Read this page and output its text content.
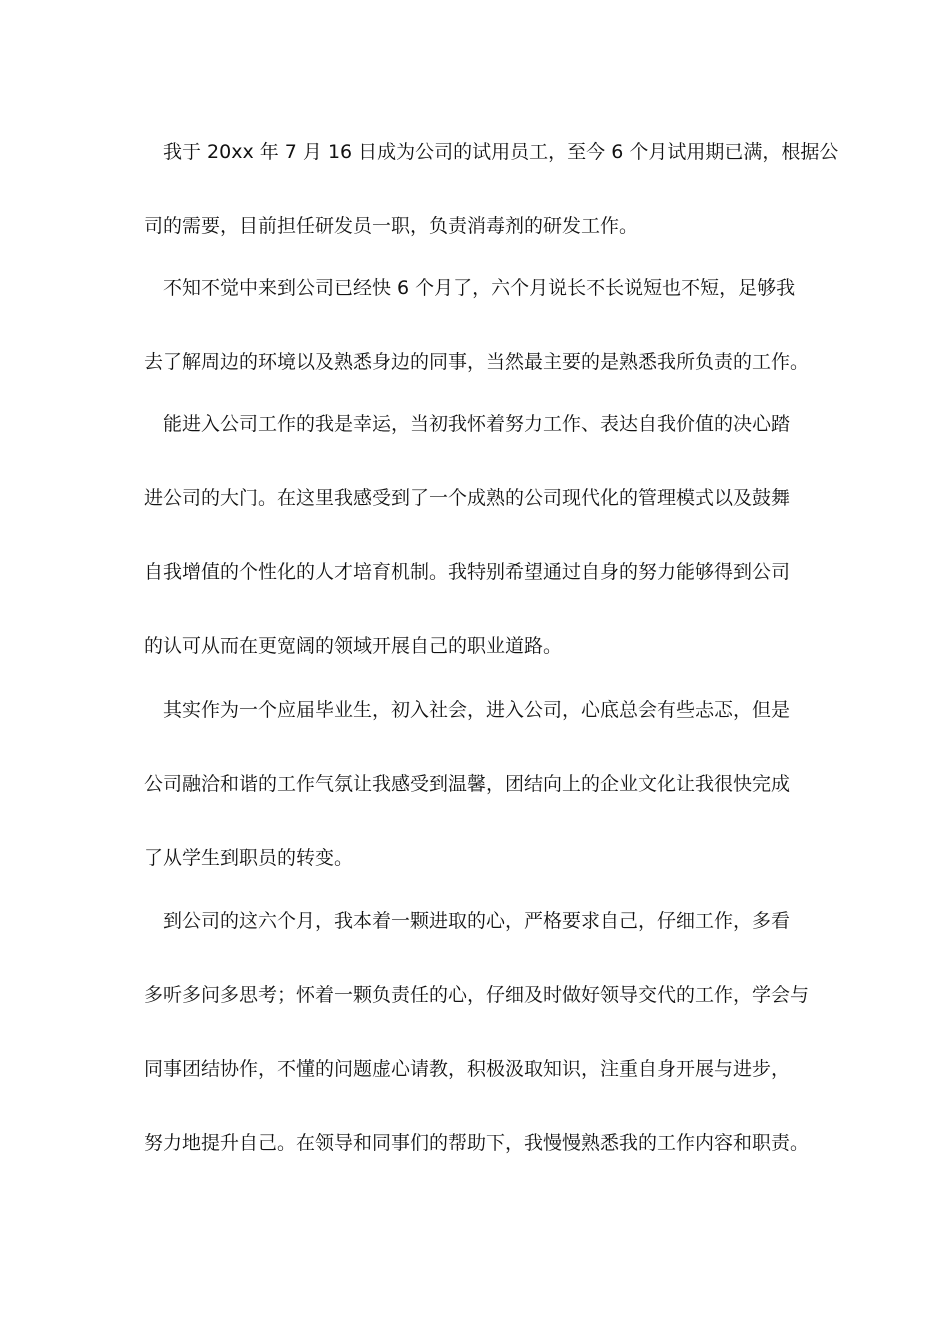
我于 20xx 年 7 月 16 日成为公司的试用员工，至今 6 个月试用期已满，根据公
司的需要，目前担任研发员一职，负责消毒剂的研发工作。
不知不觉中来到公司已经快 6 个月了，六个月说长不长说短也不短，足够我
去了解周边的环境以及熟悉身边的同事，当然最主要的是熟悉我所负责的工作。
能进入公司工作的我是幸运，当初我怀着努力工作、表达自我价值的决心踏
进公司的大门。在这里我感受到了一个成熟的公司现代化的管理模式以及鼓舞
自我增值的个性化的人才培育机制。我特别希望通过自身的努力能够得到公司
的认可从而在更宽阔的领域开展自己的职业道路。
其实作为一个应届毕业生，初入社会，进入公司，心底总会有些忐忑，但是
公司融洽和谐的工作气氛让我感受到温馨，团结向上的企业文化让我很快完成
了从学生到职员的转变。
到公司的这六个月，我本着一颗进取的心，严格要求自己，仔细工作，多看
多听多问多思考；怀着一颗负责任的心，仔细及时做好领导交代的工作，学会与
同事团结协作，不懂的问题虚心请教，积极汲取知识，注重自身开展与进步，
努力地提升自己。在领导和同事们的帮助下，我慢慢熟悉我的工作内容和职责。
